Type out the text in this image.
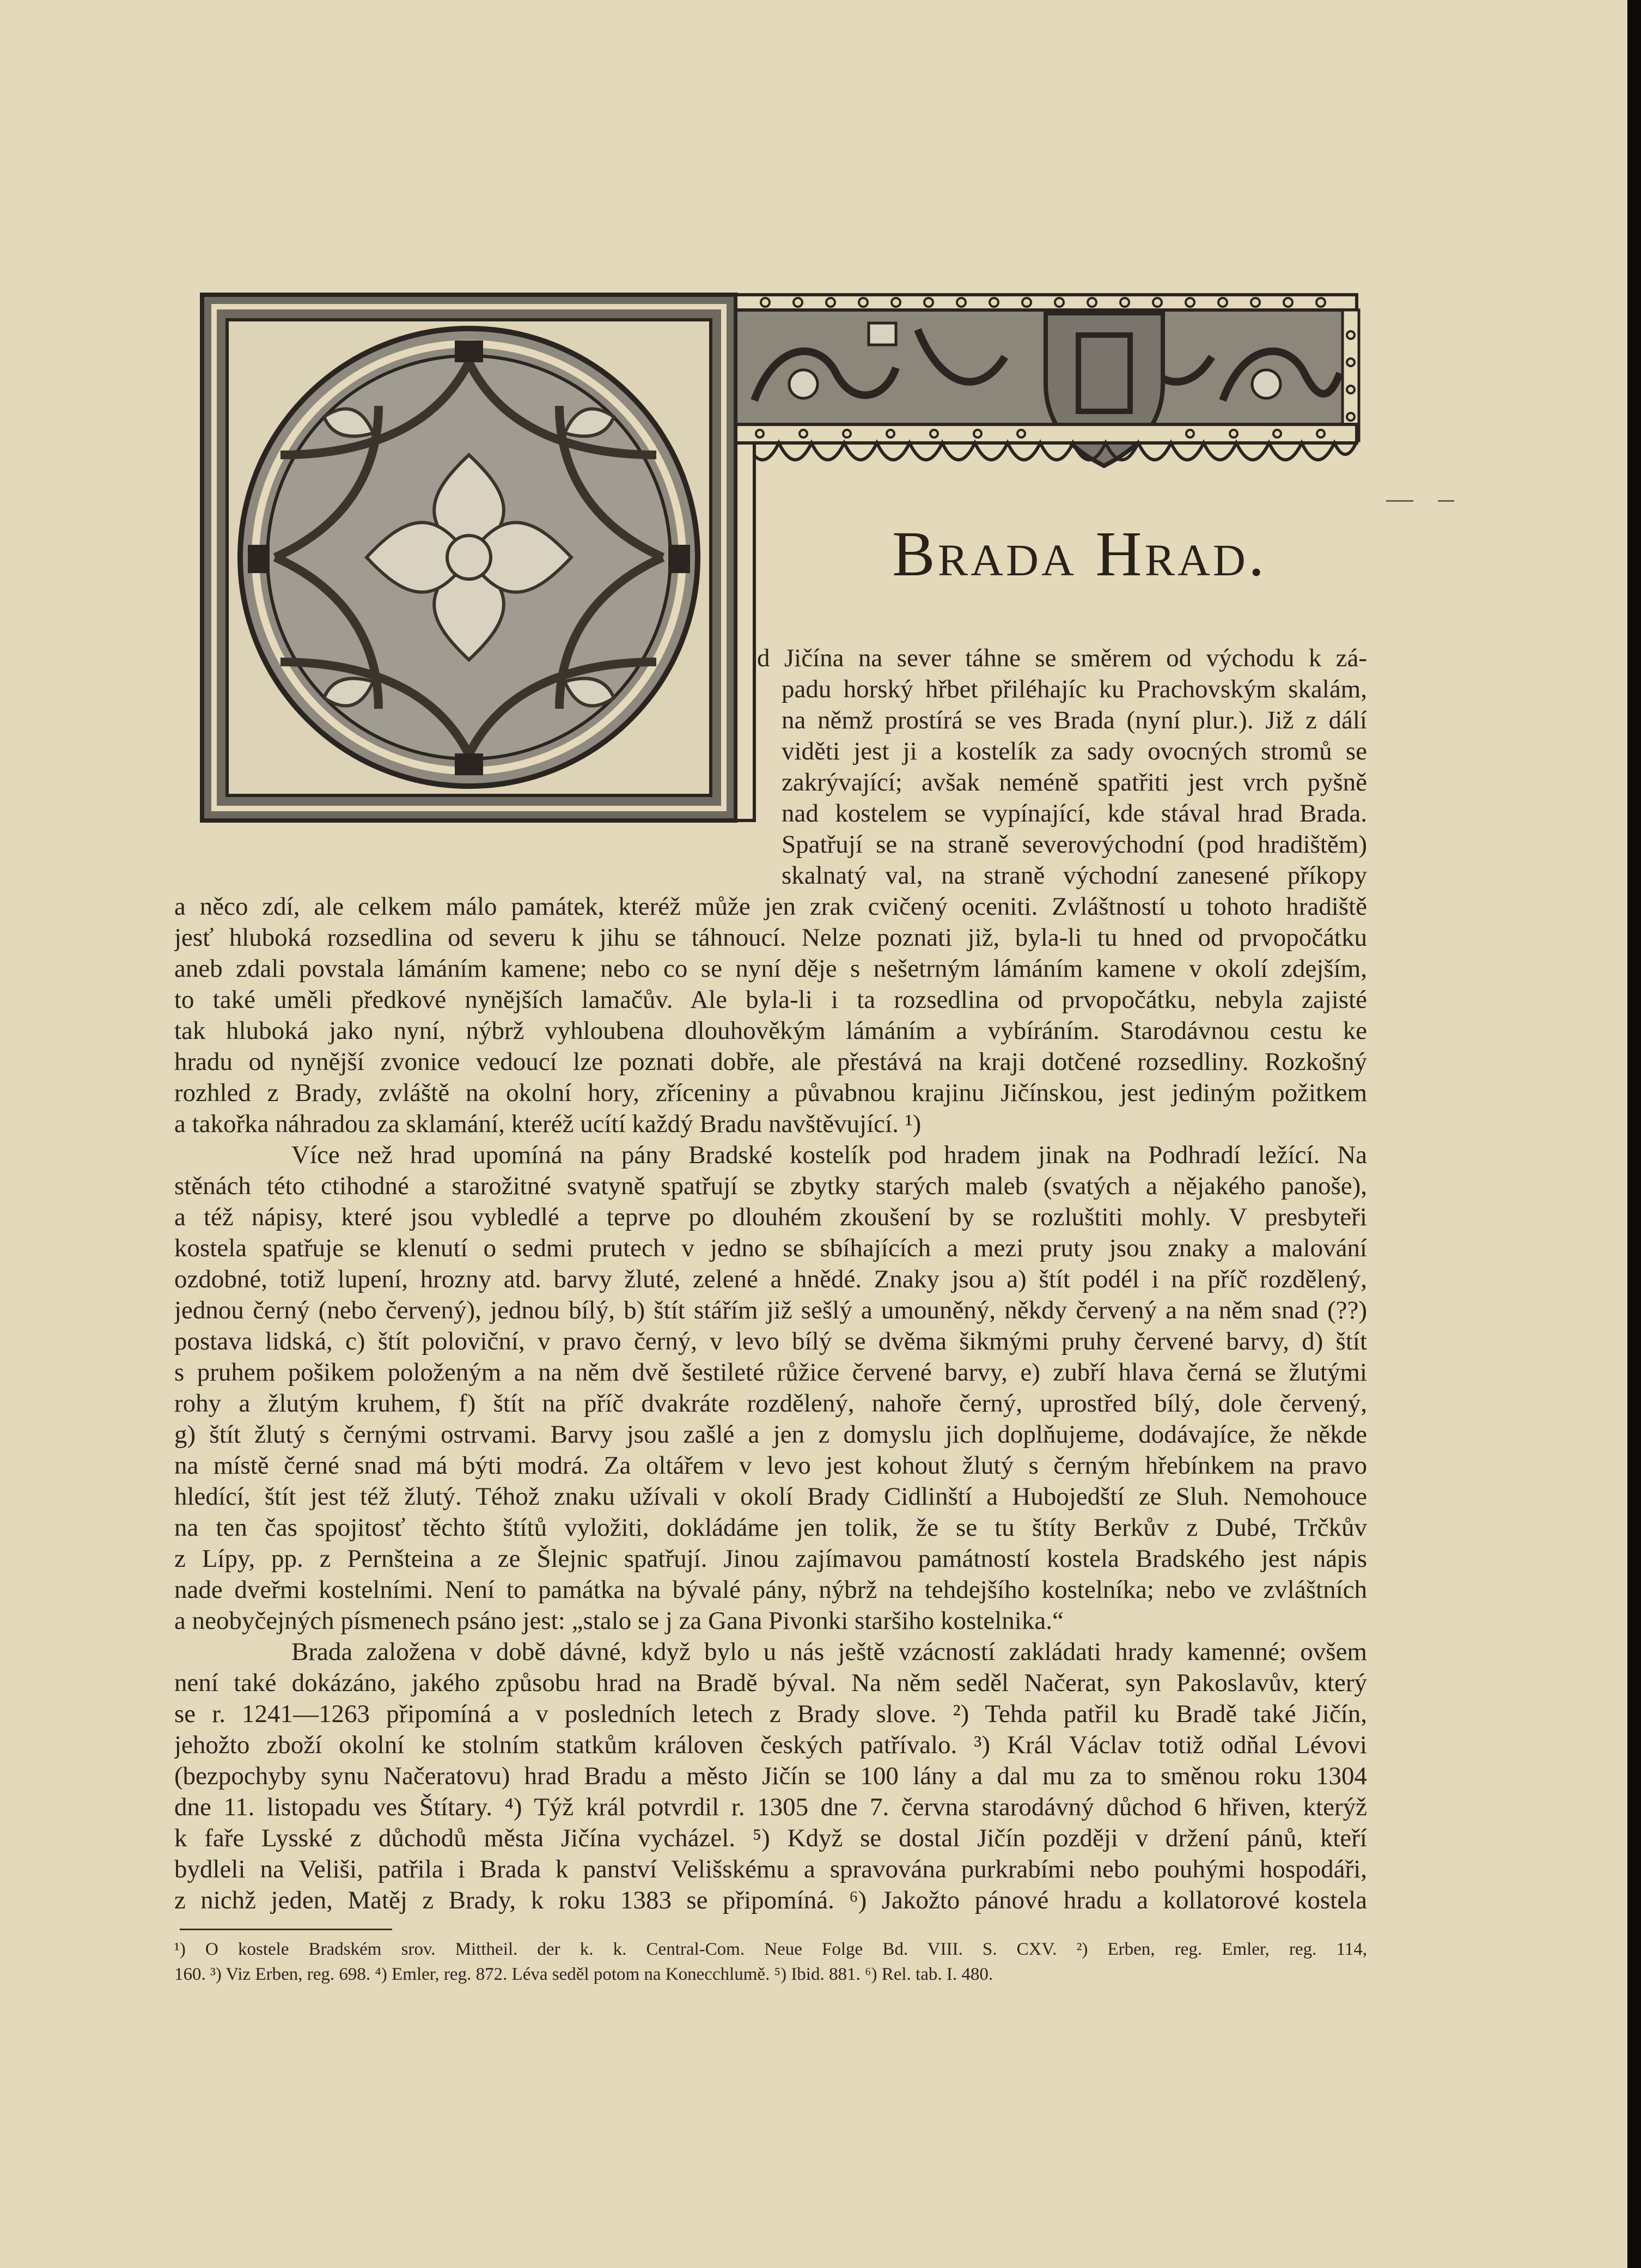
Brada Hrad.
d Jičína na sever táhne se směrem od východu k zá-
padu horský hřbet přiléhajíc ku Prachovským skalám,
na němž prostírá se ves Brada (nyní plur.). Již z dálí
viděti jest ji a kostelík za sady ovocných stromů se
zakrývající; avšak neméně spatřiti jest vrch pyšně
nad kostelem se vypínající, kde stával hrad Brada.
Spatřují se na straně severovýchodní (pod hradištěm)
skalnatý val, na straně východní zanesené příkopy
a něco zdí, ale celkem málo památek, kteréž může jen zrak cvičený oceniti. Zvláštností u tohoto hradiště
jesť hluboká rozsedlina od severu k jihu se táhnoucí. Nelze poznati již, byla-li tu hned od prvopočátku
aneb zdali povstala lámáním kamene; nebo co se nyní děje s nešetrným lámáním kamene v okolí zdejším,
to také uměli předkové nynějších lamačův. Ale byla-li i ta rozsedlina od prvopočátku, nebyla zajisté
tak hluboká jako nyní, nýbrž vyhloubena dlouhověkým lámáním a vybíráním. Starodávnou cestu ke
hradu od nynější zvonice vedoucí lze poznati dobře, ale přestává na kraji dotčené rozsedliny. Rozkošný
rozhled z Brady, zvláště na okolní hory, zříceniny a půvabnou krajinu Jičínskou, jest jediným požitkem
a takořka náhradou za sklamání, kteréž ucítí každý Bradu navštěvující. ¹)
Více než hrad upomíná na pány Bradské kostelík pod hradem jinak na Podhradí ležící. Na
stěnách této ctihodné a starožitné svatyně spatřují se zbytky starých maleb (svatých a nějakého panoše),
a též nápisy, které jsou vybledlé a teprve po dlouhém zkoušení by se rozluštiti mohly. V presbyteři
kostela spatřuje se klenutí o sedmi prutech v jedno se sbíhajících a mezi pruty jsou znaky a malování
ozdobné, totiž lupení, hrozny atd. barvy žluté, zelené a hnědé. Znaky jsou a) štít podél i na příč rozdělený,
jednou černý (nebo červený), jednou bílý, b) štít stářím již sešlý a umouněný, někdy červený a na něm snad (??)
postava lidská, c) štít poloviční, v pravo černý, v levo bílý se dvěma šikmými pruhy červené barvy, d) štít
s pruhem pošikem položeným a na něm dvě šestileté růžice červené barvy, e) zubří hlava černá se žlutými
rohy a žlutým kruhem, f) štít na příč dvakráte rozdělený, nahoře černý, uprostřed bílý, dole červený,
g) štít žlutý s černými ostrvami. Barvy jsou zašlé a jen z domyslu jich doplňujeme, dodávajíce, že někde
na místě černé snad má býti modrá. Za oltářem v levo jest kohout žlutý s černým hřebínkem na pravo
hledící, štít jest též žlutý. Téhož znaku užívali v okolí Brady Cidlinští a Hubojedští ze Sluh. Nemohouce
na ten čas spojitosť těchto štítů vyložiti, dokládáme jen tolik, že se tu štíty Berkův z Dubé, Trčkův
z Lípy, pp. z Pernšteina a ze Šlejnic spatřují. Jinou zajímavou památností kostela Bradského jest nápis
nade dveřmi kostelními. Není to památka na bývalé pány, nýbrž na tehdejšího kostelníka; nebo ve zvláštních
a neobyčejných písmenech psáno jest: „stalo se j za Gana Pivonki staršiho kostelnika.“
Brada založena v době dávné, když bylo u nás ještě vzácností zakládati hrady kamenné; ovšem
není také dokázáno, jakého způsobu hrad na Bradě býval. Na něm seděl Načerat, syn Pakoslavův, který
se r. 1241—1263 připomíná a v posledních letech z Brady slove. ²) Tehda patřil ku Bradě také Jičín,
jehožto zboží okolní ke stolním statkům královen českých patřívalo. ³) Král Václav totiž odňal Lévovi
(bezpochyby synu Načeratovu) hrad Bradu a město Jičín se 100 lány a dal mu za to směnou roku 1304
dne 11. listopadu ves Štítary. ⁴) Týž král potvrdil r. 1305 dne 7. června starodávný důchod 6 hřiven, kterýž
k faře Lysské z důchodů města Jičína vycházel. ⁵) Když se dostal Jičín později v držení pánů, kteří
bydleli na Veliši, patřila i Brada k panství Velišskému a spravována purkrabími nebo pouhými hospodáři,
z nichž jeden, Matěj z Brady, k roku 1383 se připomíná. ⁶) Jakožto pánové hradu a kollatorové kostela
¹) O kostele Bradském srov. Mittheil. der k. k. Central-Com. Neue Folge Bd. VIII. S. CXV. ²) Erben, reg. Emler, reg. 114,
160. ³) Viz Erben, reg. 698. ⁴) Emler, reg. 872. Léva seděl potom na Konecchlumě. ⁵) Ibid. 881. ⁶) Rel. tab. I. 480.
